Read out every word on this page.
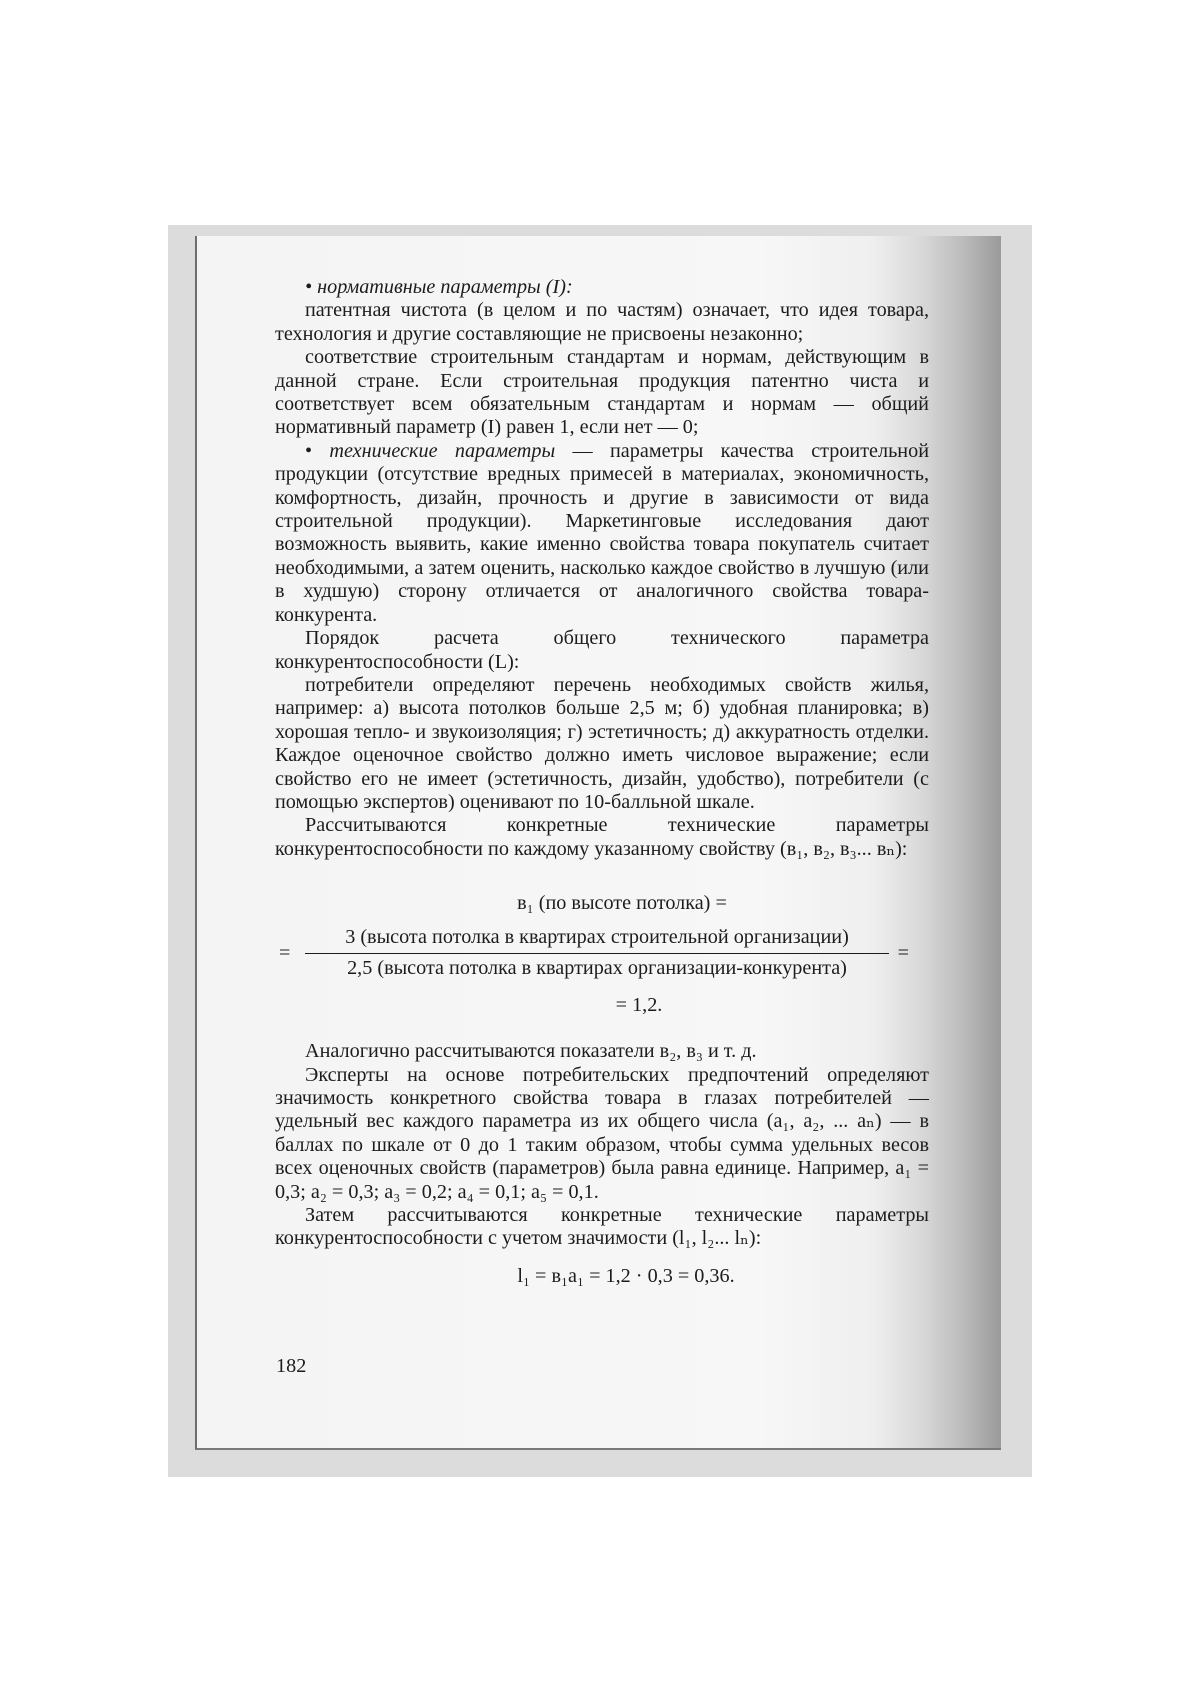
• нормативные параметры (I):

патентная чистота (в целом и по частям) означает, что идея товара, технология и другие составляющие не присвоены незаконно;

соответствие строительным стандартам и нормам, действующим в данной стране. Если строительная продукция патентно чиста и соответствует всем обязательным стандартам и нормам — общий нормативный параметр (I) равен 1, если нет — 0;

• технические параметры — параметры качества строительной продукции (отсутствие вредных примесей в материалах, экономичность, комфортность, дизайн, прочность и другие в зависимости от вида строительной продукции). Маркетинговые исследования дают возможность выявить, какие именно свойства товара покупатель считает необходимыми, а затем оценить, насколько каждое свойство в лучшую (или в худшую) сторону отличается от аналогичного свойства товара-конкурента.

Порядок расчета общего технического параметра конкурентоспособности (L):

потребители определяют перечень необходимых свойств жилья, например: а) высота потолков больше 2,5 м; б) удобная планировка; в) хорошая тепло- и звукоизоляция; г) эстетичность; д) аккуратность отделки. Каждое оценочное свойство должно иметь числовое выражение; если свойство его не имеет (эстетичность, дизайн, удобство), потребители (с помощью экспертов) оценивают по 10-балльной шкале.

Рассчитываются конкретные технические параметры конкурентоспособности по каждому указанному свойству (в₁, в₂, в₃... вₙ):

в₁ (по высоте потолка) =
=
3 (высота потолка в квартирах строительной организации)
2,5 (высота потолка в квартирах организации-конкурента)
=
= 1,2.

Аналогично рассчитываются показатели в₂, в₃ и т. д.

Эксперты на основе потребительских предпочтений определяют значимость конкретного свойства товара в глазах потребителей — удельный вес каждого параметра из их общего числа (a₁, a₂, ... aₙ) — в баллах по шкале от 0 до 1 таким образом, чтобы сумма удельных весов всех оценочных свойств (параметров) была равна единице. Например, a₁ = 0,3; a₂ = 0,3; a₃ = 0,2; a₄ = 0,1; a₅ = 0,1.

Затем рассчитываются конкретные технические параметры конкурентоспособности с учетом значимости (l₁, l₂... lₙ):

l₁ = в₁a₁ = 1,2 · 0,3 = 0,36.
182
